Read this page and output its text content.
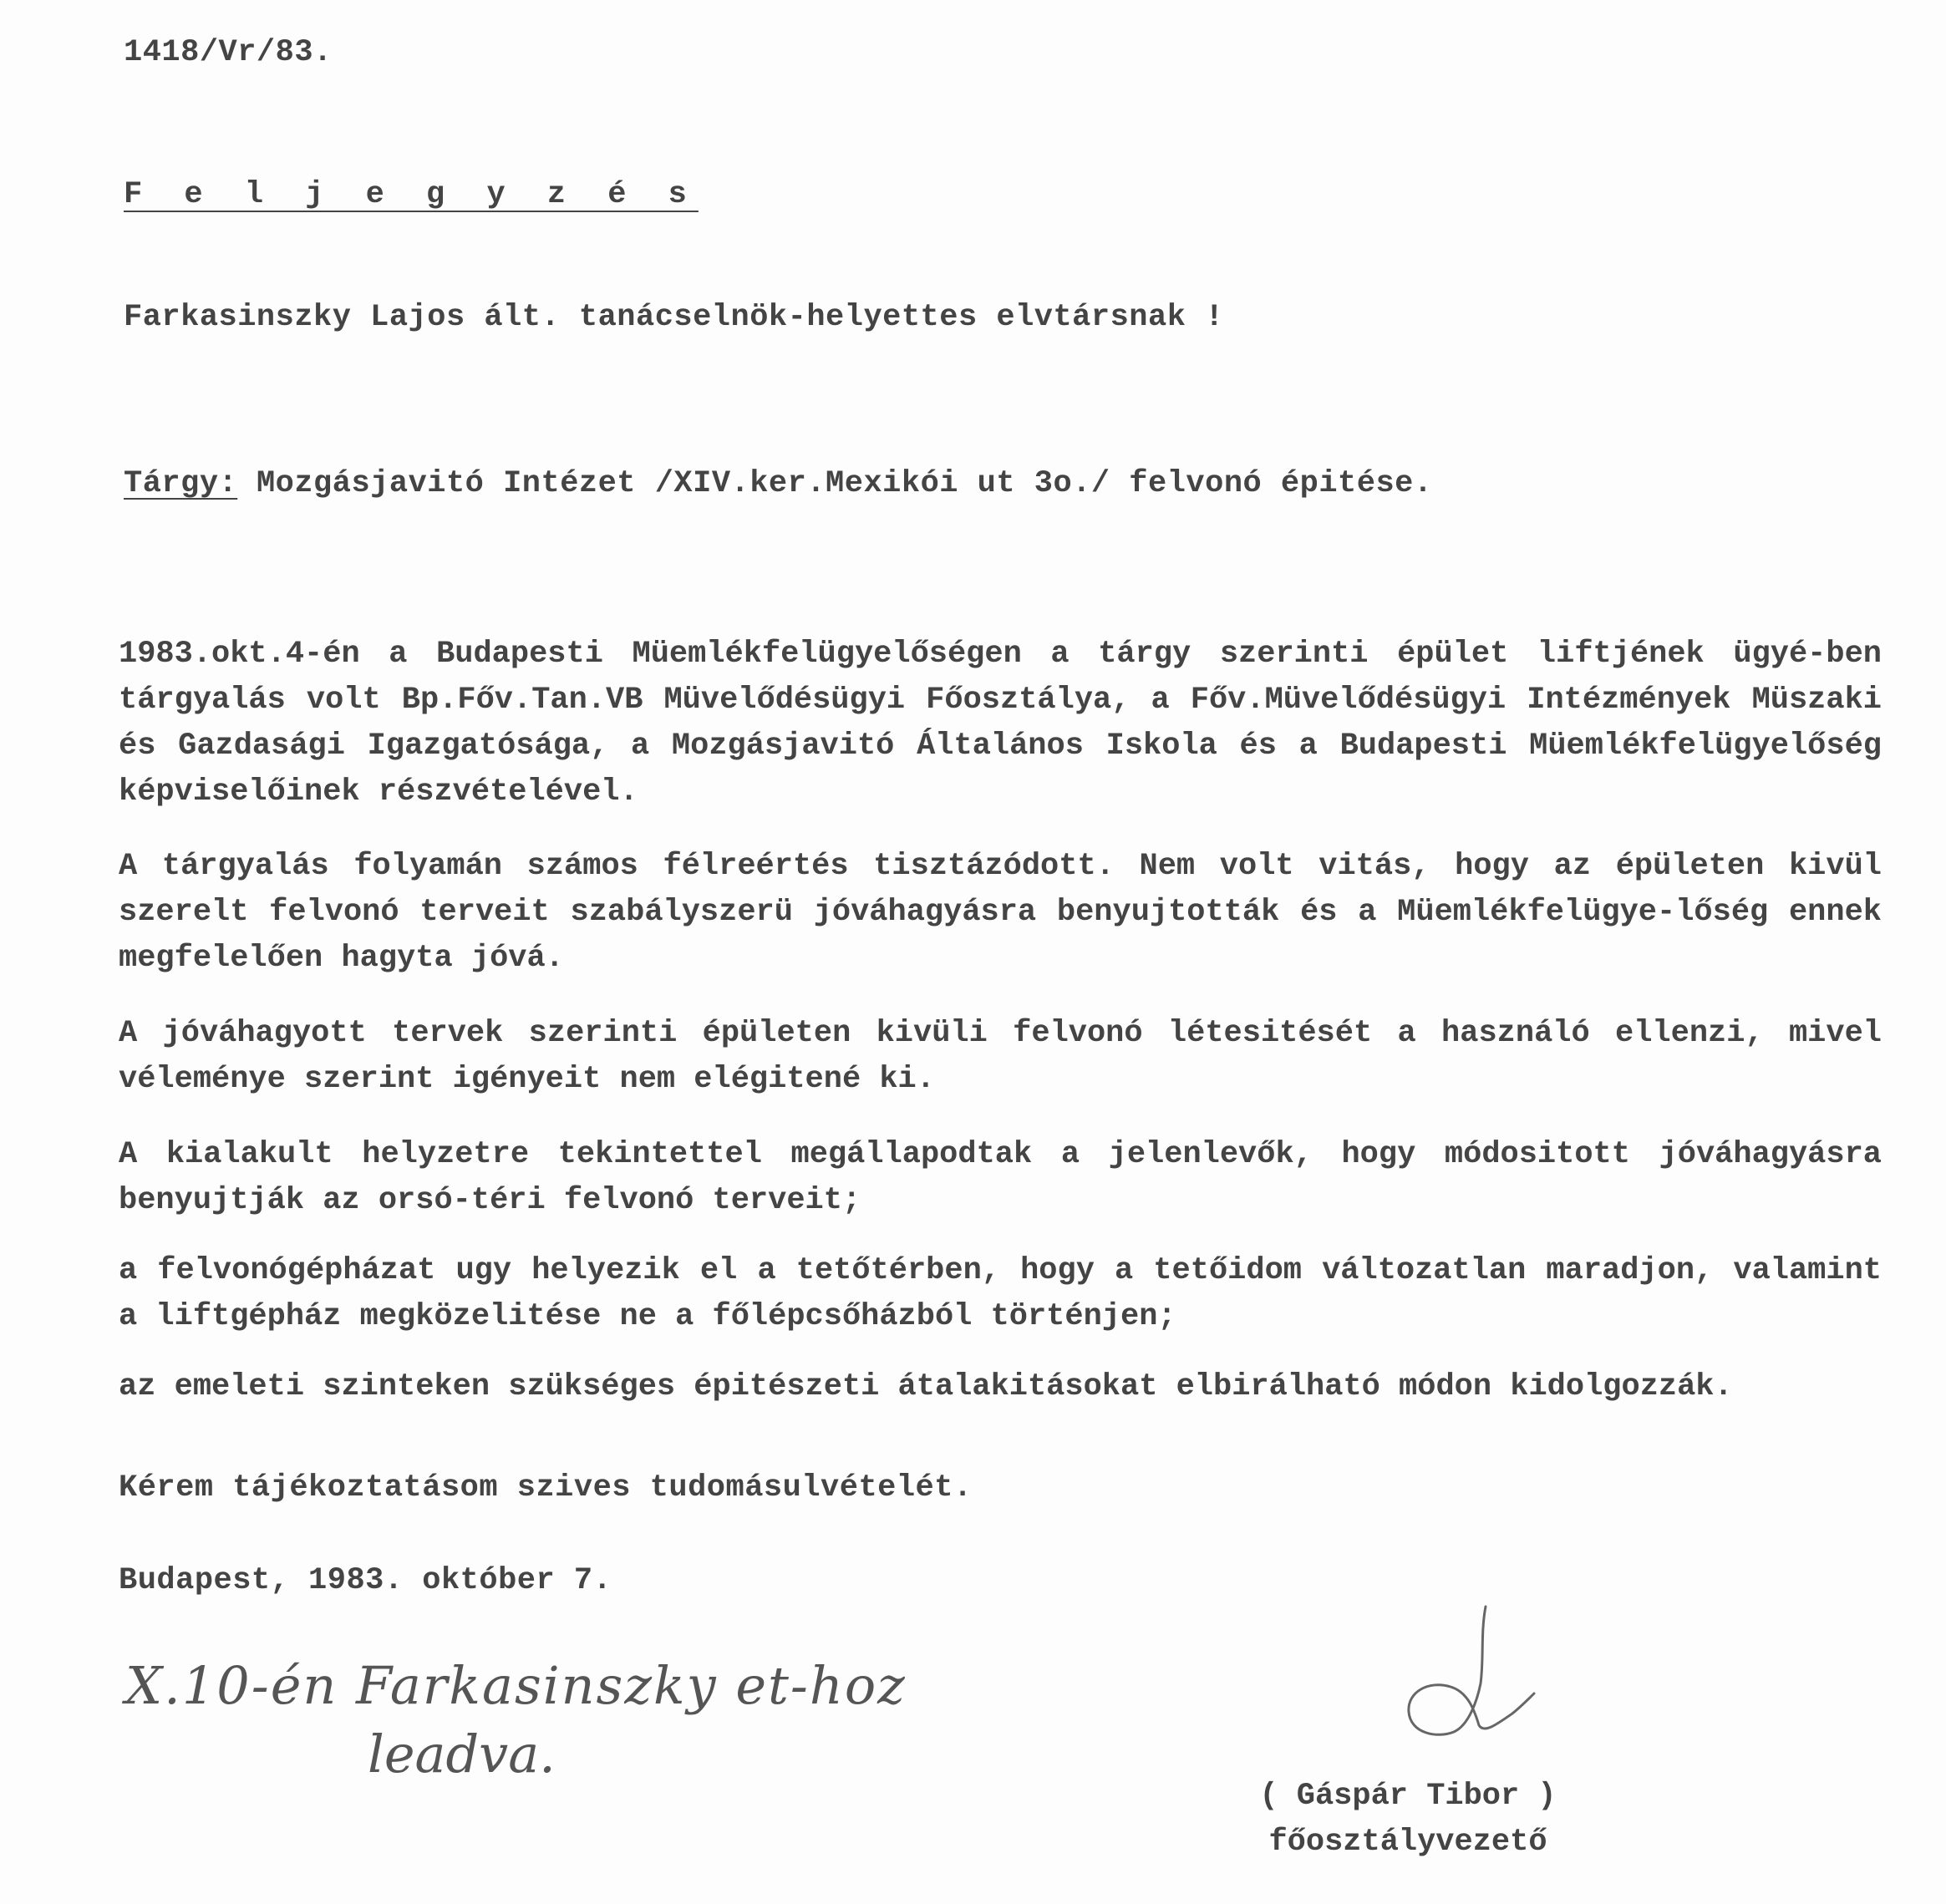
1418/Vr/83.
F e l j e g y z é s
Farkasinszky Lajos ált. tanácselnök-helyettes elvtársnak !
Tárgy: Mozgásjavitó Intézet /XIV.ker.Mexikói ut 3o./ felvonó épitése.
1983.okt.4-én a Budapesti Müemlékfelügyelőségen a tárgy szerinti épület liftjének ügyé-ben tárgyalás volt Bp.Főv.Tan.VB Müvelődésügyi Főosztálya, a Főv.Müvelődésügyi Intézmények Müszaki és Gazdasági Igazgatósága, a Mozgásjavitó Általános Iskola és a Budapesti Müemlékfelügyelőség képviselőinek részvételével.
A tárgyalás folyamán számos félreértés tisztázódott. Nem volt vitás, hogy az épületen kivül szerelt felvonó terveit szabályszerü jóváhagyásra benyujtották és a Müemlékfelügye-lőség ennek megfelelően hagyta jóvá.
A jóváhagyott tervek szerinti épületen kivüli felvonó létesitését a használó ellenzi, mivel véleménye szerint igényeit nem elégitené ki.
A kialakult helyzetre tekintettel megállapodtak a jelenlevők, hogy módositott jóváhagyásra benyujtják az orsó-téri felvonó terveit;
a felvonógépházat ugy helyezik el a tetőtérben, hogy a tetőidom változatlan maradjon, valamint a liftgépház megközelitése ne a főlépcsőházból történjen;
az emeleti szinteken szükséges épitészeti átalakitásokat elbirálható módon kidolgozzák.
Kérem tájékoztatásom szives tudomásulvételét.
Budapest, 1983. október 7.
X.10-én Farkasinszky et-hoz
leadva.
( Gáspár Tibor )
főosztályvezető
